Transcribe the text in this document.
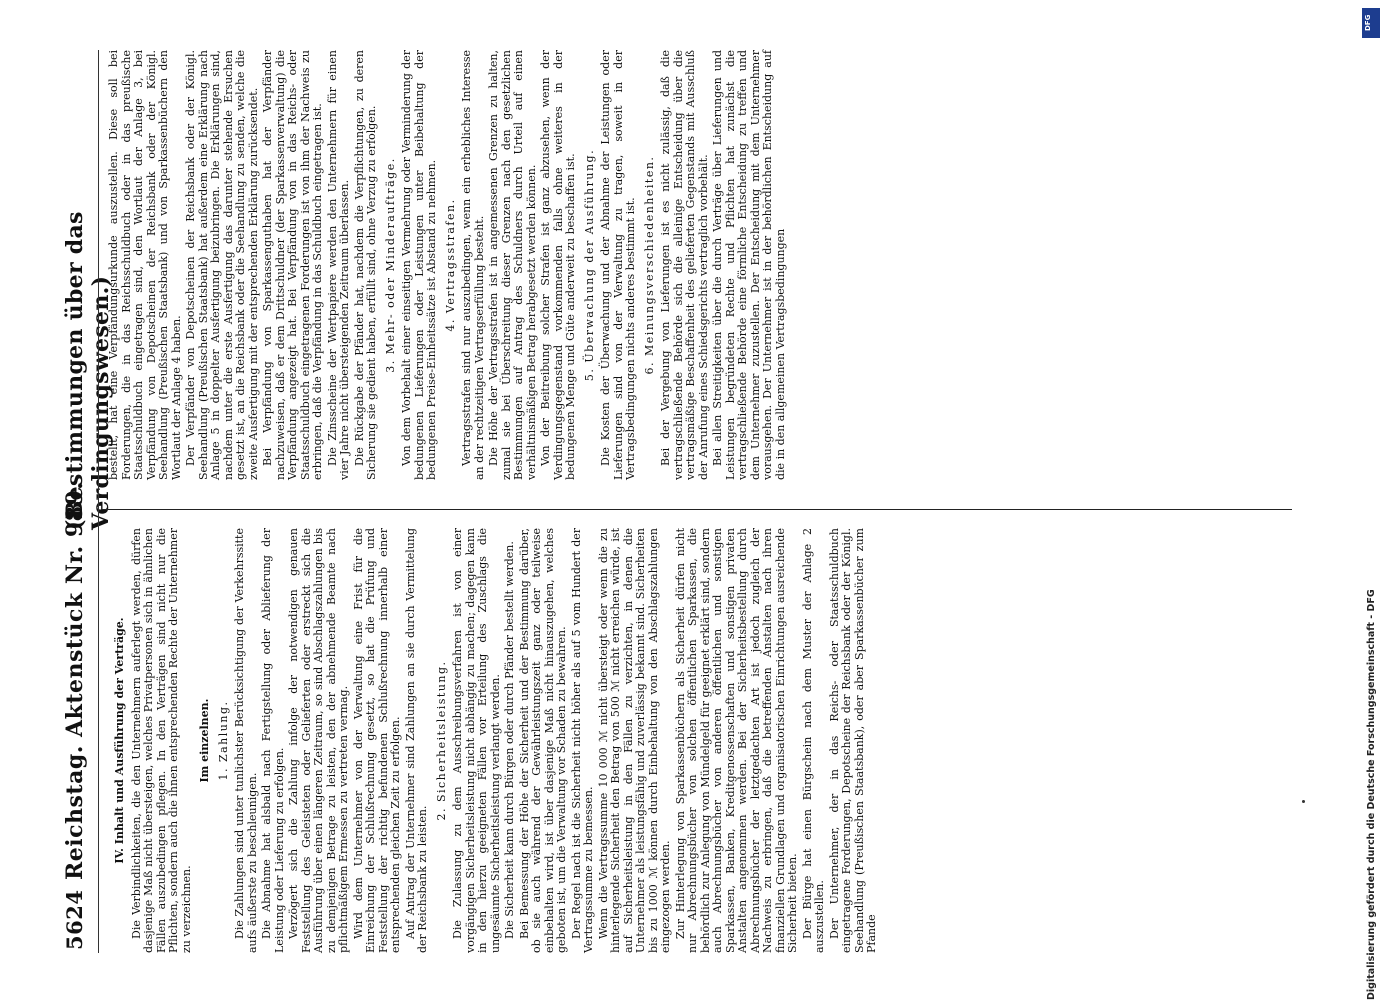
5624
Reichstag. Aktenstück Nr. 989.
(Bestimmungen über das Verdingungswesen.)

IV. Inhalt und Ausführung der Verträge. Die Verbindlichkeiten, die den Unternehmern auferlegt werden, dürfen dasjenige Maß nicht übersteigen, welches Privatpersonen sich in ähnlichen Fällen auszubedingen pflegen. In den Verträgen sind nicht nur die Pflichten, sondern auch die ihnen entsprechenden Rechte der Unternehmer zu verzeichnen.

Im einzelnen. 1. Zahlung. Die Zahlungen sind unter tunlichster Berücksichtigung der Verkehrssitte aufs äußerste zu beschleunigen. Die Abnahme hat alsbald nach Fertigstellung oder Ablieferung der Leistung oder Lieferung zu erfolgen. Verzögert sich die Zahlung infolge der notwendigen genauen Feststellung des Geleisteten oder Gelieferten oder erstreckt sich die Ausführung über einen längeren Zeitraum, so sind Abschlagszahlungen bis zu demjenigen Betrage zu leisten, den der abnehmende Beamte nach pflichtmäßigem Ermessen zu vertreten vermag. Wird dem Unternehmer von der Verwaltung eine Frist für die Einreichung der Schlußrechnung gesetzt, so hat die Prüfung und Feststellung der richtig befundenen Schlußrechnung innerhalb einer entsprechenden gleichen Zeit zu erfolgen. Auf Antrag der Unternehmer sind Zahlungen an sie durch Vermittelung der Reichsbank zu leisten.

2. Sicherheitsleistung. Die Zulassung zu dem Ausschreibungsverfahren ist von einer vorgängigen Sicherheitsleistung nicht abhängig zu machen; dagegen kann in den hierzu geeigneten Fällen vor Erteilung des Zuschlags die ungesäumte Sicherheitsleistung verlangt werden. Die Sicherheit kann durch Bürgen oder durch Pfänder bestellt werden. Bei Bemessung der Höhe der Sicherheit und der Bestimmung darüber, ob sie auch während der Gewährleistungszeit ganz oder teilweise einbehalten wird, ist über dasjenige Maß nicht hinauszugehen, welches geboten ist, um die Verwaltung vor Schaden zu bewahren. Der Regel nach ist die Sicherheit nicht höher als auf 5 vom Hundert der Vertragssumme zu bemessen. Wenn die Vertragssumme 10 000 ℳ nicht übersteigt oder wenn die zu hinterlegende Sicherheit den Betrag von 500 ℳ nicht erreichen würde, ist auf Sicherheitsleistung in den Fällen zu verzichten, in denen die Unternehmer als leistungsfähig und zuverlässig bekannt sind. Sicherheiten bis zu 1000 ℳ können durch Einbehaltung von den Abschlagszahlungen eingezogen werden. Zur Hinterlegung von Sparkassenbüchern als Sicherheit dürfen nicht nur Abrechnungsbücher von solchen öffentlichen Sparkassen, die behördlich zur Anlegung von Mündelgeld für geeignet erklärt sind, sondern auch Abrechnungsbücher von anderen öffentlichen und sonstigen Sparkassen, Banken, Kreditgenossenschaften und sonstigen privaten Anstalten angenommen werden. Bei der Sicherheitsbestellung durch Abrechnungsbücher der letztgedachten Art ist jedoch zugleich der Nachweis zu erbringen, daß die betreffenden Anstalten nach ihren finanziellen Grundlagen und organisatorischen Einrichtungen ausreichende Sicherheit bieten. Der Bürge hat einen Bürgschein nach dem Muster der Anlage 2 auszustellen. Der Unternehmer, der in das Reichs- oder Staatsschuldbuch eingetragene Forderungen, Depotscheine der Reichsbank oder der Königl. Seehandlung (Preußischen Staatsbank), oder aber Sparkassenbücher zum Pfande

bestellt, hat eine Verpfändungsurkunde auszustellen. Diese soll bei Forderungen, die in das Reichsschuldbuch oder in das preußische Staatsschuldbuch eingetragen sind, den Wortlaut der Anlage 3, bei Verpfändung von Depotscheinen der Reichsbank oder der Königl. Seehandlung (Preußischen Staatsbank) und von Sparkassenbüchern den Wortlaut der Anlage 4 haben. Der Verpfänder von Depotscheinen der Reichsbank oder der Königl. Seehandlung (Preußischen Staatsbank) hat außerdem eine Erklärung nach Anlage 5 in doppelter Ausfertigung beizubringen. Die Erklärungen sind, nachdem unter die erste Ausfertigung das darunter stehende Ersuchen gesetzt ist, an die Reichsbank oder die Seehandlung zu senden, welche die zweite Ausfertigung mit der entsprechenden Erklärung zurücksendet. Bei Verpfändung von Sparkassenguthaben hat der Verpfänder nachzuweisen, daß er dem Drittschuldner (der Sparkassenverwaltung) die Verpfändung angezeigt hat. Bei Verpfändung von in das Reichs- oder Staatsschuldbuch eingetragenen Forderungen ist von ihm der Nachweis zu erbringen, daß die Verpfändung in das Schuldbuch eingetragen ist. Die Zinsscheine der Wertpapiere werden den Unternehmern für einen vier Jahre nicht übersteigenden Zeitraum überlassen. Die Rückgabe der Pfänder hat, nachdem die Verpflichtungen, zu deren Sicherung sie gedient haben, erfüllt sind, ohne Verzug zu erfolgen. 3. Mehr- oder Minderaufträge. Von dem Vorbehalt einer einseitigen Vermehrung oder Verminderung der bedungenen Lieferungen oder Leistungen unter Beibehaltung der bedungenen Preise-Einheitssätze ist Abstand zu nehmen. 4. Vertragsstrafen. Vertragsstrafen sind nur auszubedingen, wenn ein erhebliches Interesse an der rechtzeitigen Vertragserfüllung besteht. Die Höhe der Vertragsstrafen ist in angemessenen Grenzen zu halten, zumal sie bei Überschreitung dieser Grenzen nach den gesetzlichen Bestimmungen auf Antrag des Schuldners durch Urteil auf einen verhältnismäßigen Betrag herabgesetzt werden können. Von der Beitreibung solcher Strafen ist ganz abzusehen, wenn der Verdingungsgegenstand vorkommenden falls ohne weiteres in der bedungenen Menge und Güte anderweit zu beschaffen ist. 5. Überwachung der Ausführung. Die Kosten der Überwachung und der Abnahme der Leistungen oder Lieferungen sind von der Verwaltung zu tragen, soweit in der Vertragsbedingungen nichts anderes bestimmt ist. 6. Meinungsverschiedenheiten. Bei der Vergebung von Lieferungen ist es nicht zulässig, daß die vertragschließende Behörde sich die alleinige Entscheidung über die vertragsmäßige Beschaffenheit des gelieferten Gegenstands mit Ausschluß der Anrufung eines Schiedsgerichts vertraglich vorbehält. Bei allen Streitigkeiten über die durch Verträge über Lieferungen und Leistungen begründeten Rechte und Pflichten hat zunächst die vertragschließende Behörde eine förmliche Entscheidung zu treffen und dem Unternehmer zuzustellen. Der Entscheidung mit dem Unternehmer vorausgehen. Der Unternehmer ist in der behördlichen Entscheidung auf die in den allgemeinen Vertragsbedingungen

Digitalisierung gefördert durch die Deutsche Forschungsgemeinschaft - DFG
DFG
